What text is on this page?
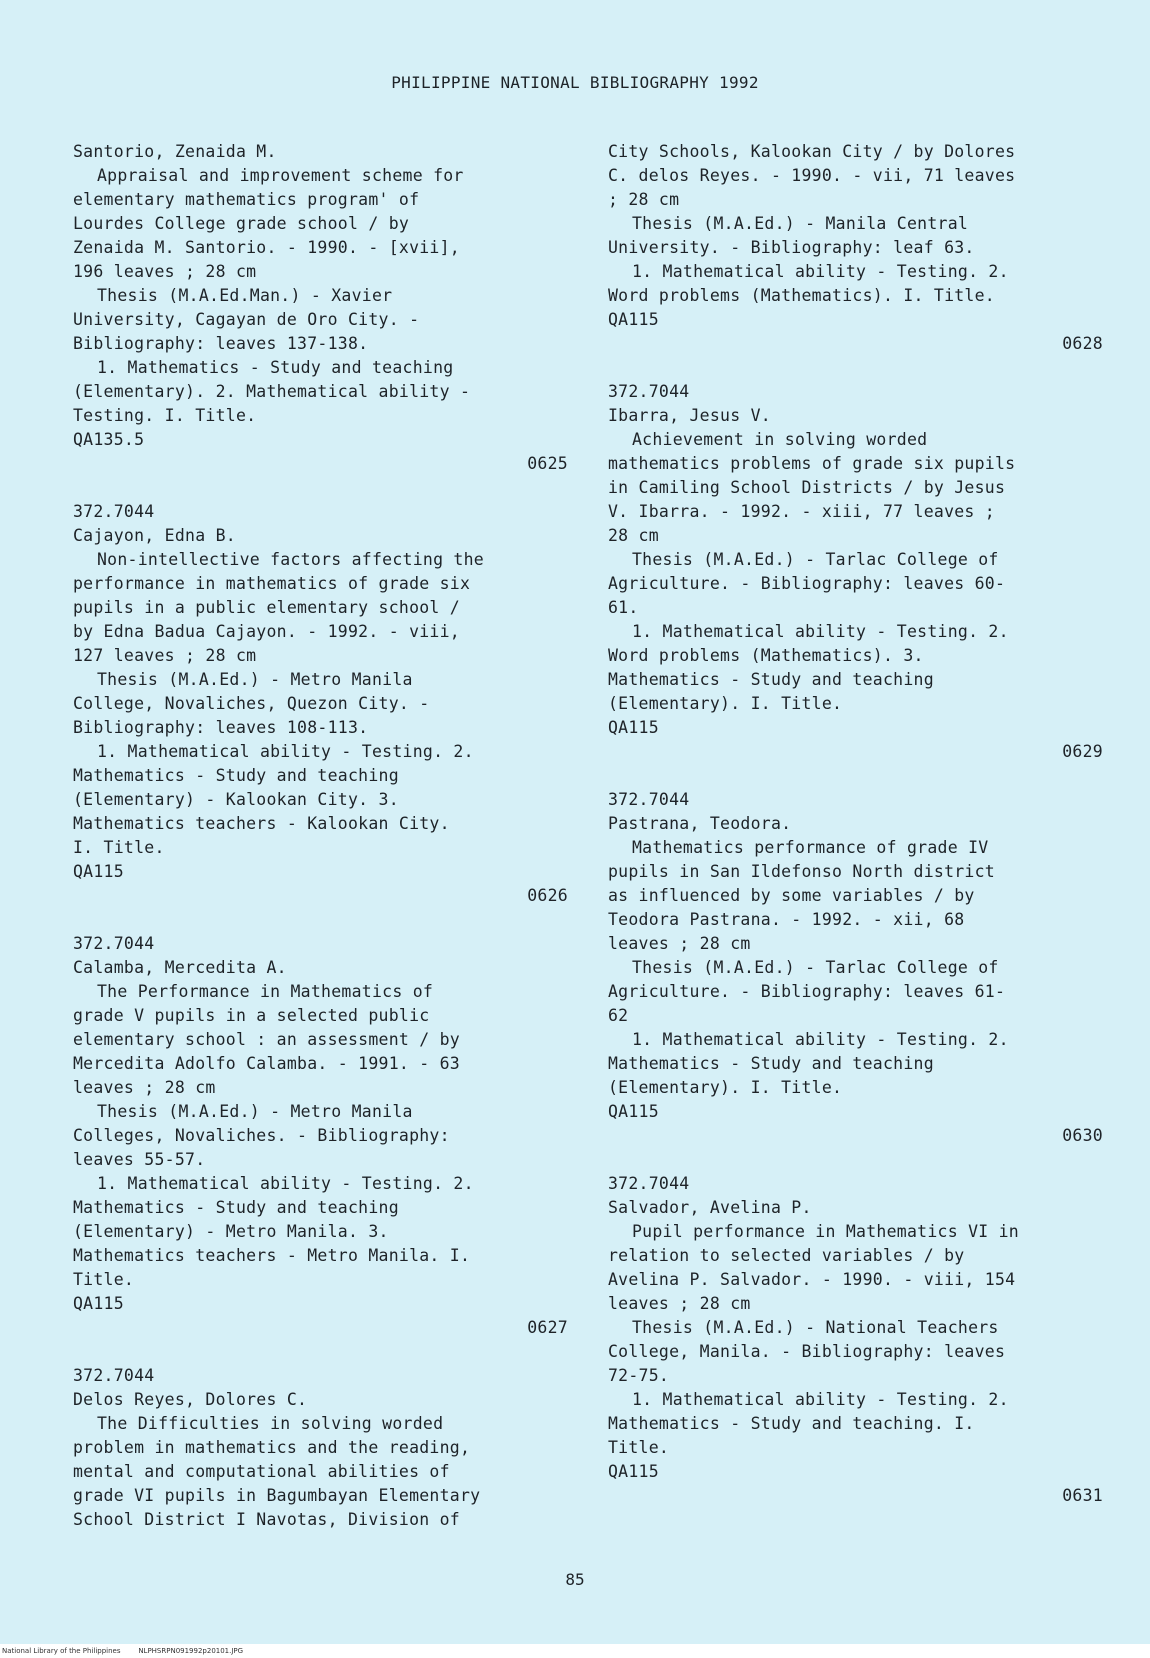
PHILIPPINE NATIONAL BIBLIOGRAPHY 1992
Santorio, Zenaida M.
Appraisal and improvement scheme for
elementary mathematics program' of
Lourdes College grade school / by
Zenaida M. Santorio. - 1990. - [xvii],
196 leaves ; 28 cm
Thesis (M.A.Ed.Man.) - Xavier
University, Cagayan de Oro City. -
Bibliography: leaves 137-138.
1. Mathematics - Study and teaching
(Elementary). 2. Mathematical ability -
Testing. I. Title.
QA135.5
0625
372.7044
Cajayon, Edna B.
Non-intellective factors affecting the
performance in mathematics of grade six
pupils in a public elementary school /
by Edna Badua Cajayon. - 1992. - viii,
127 leaves ; 28 cm
Thesis (M.A.Ed.) - Metro Manila
College, Novaliches, Quezon City. -
Bibliography: leaves 108-113.
1. Mathematical ability - Testing. 2.
Mathematics - Study and teaching
(Elementary) - Kalookan City. 3.
Mathematics teachers - Kalookan City.
I. Title.
QA115
0626
372.7044
Calamba, Mercedita A.
The Performance in Mathematics of
grade V pupils in a selected public
elementary school : an assessment / by
Mercedita Adolfo Calamba. - 1991. - 63
leaves ; 28 cm
Thesis (M.A.Ed.) - Metro Manila
Colleges, Novaliches. - Bibliography:
leaves 55-57.
1. Mathematical ability - Testing. 2.
Mathematics - Study and teaching
(Elementary) - Metro Manila. 3.
Mathematics teachers - Metro Manila. I.
Title.
QA115
0627
372.7044
Delos Reyes, Dolores C.
The Difficulties in solving worded
problem in mathematics and the reading,
mental and computational abilities of
grade VI pupils in Bagumbayan Elementary
School District I Navotas, Division of
City Schools, Kalookan City / by Dolores
C. delos Reyes. - 1990. - vii, 71 leaves
; 28 cm
Thesis (M.A.Ed.) - Manila Central
University. - Bibliography: leaf 63.
1. Mathematical ability - Testing. 2.
Word problems (Mathematics). I. Title.
QA115
0628
372.7044
Ibarra, Jesus V.
Achievement in solving worded
mathematics problems of grade six pupils
in Camiling School Districts / by Jesus
V. Ibarra. - 1992. - xiii, 77 leaves ;
28 cm
Thesis (M.A.Ed.) - Tarlac College of
Agriculture. - Bibliography: leaves 60-
61.
1. Mathematical ability - Testing. 2.
Word problems (Mathematics). 3.
Mathematics - Study and teaching
(Elementary). I. Title.
QA115
0629
372.7044
Pastrana, Teodora.
Mathematics performance of grade IV
pupils in San Ildefonso North district
as influenced by some variables / by
Teodora Pastrana. - 1992. - xii, 68
leaves ; 28 cm
Thesis (M.A.Ed.) - Tarlac College of
Agriculture. - Bibliography: leaves 61-
62
1. Mathematical ability - Testing. 2.
Mathematics - Study and teaching
(Elementary). I. Title.
QA115
0630
372.7044
Salvador, Avelina P.
Pupil performance in Mathematics VI in
relation to selected variables / by
Avelina P. Salvador. - 1990. - viii, 154
leaves ; 28 cm
Thesis (M.A.Ed.) - National Teachers
College, Manila. - Bibliography: leaves
72-75.
1. Mathematical ability - Testing. 2.
Mathematics - Study and teaching. I.
Title.
QA115
0631
85
National Library of the Philippines	NLPHSRPN091992p20101.JPG
